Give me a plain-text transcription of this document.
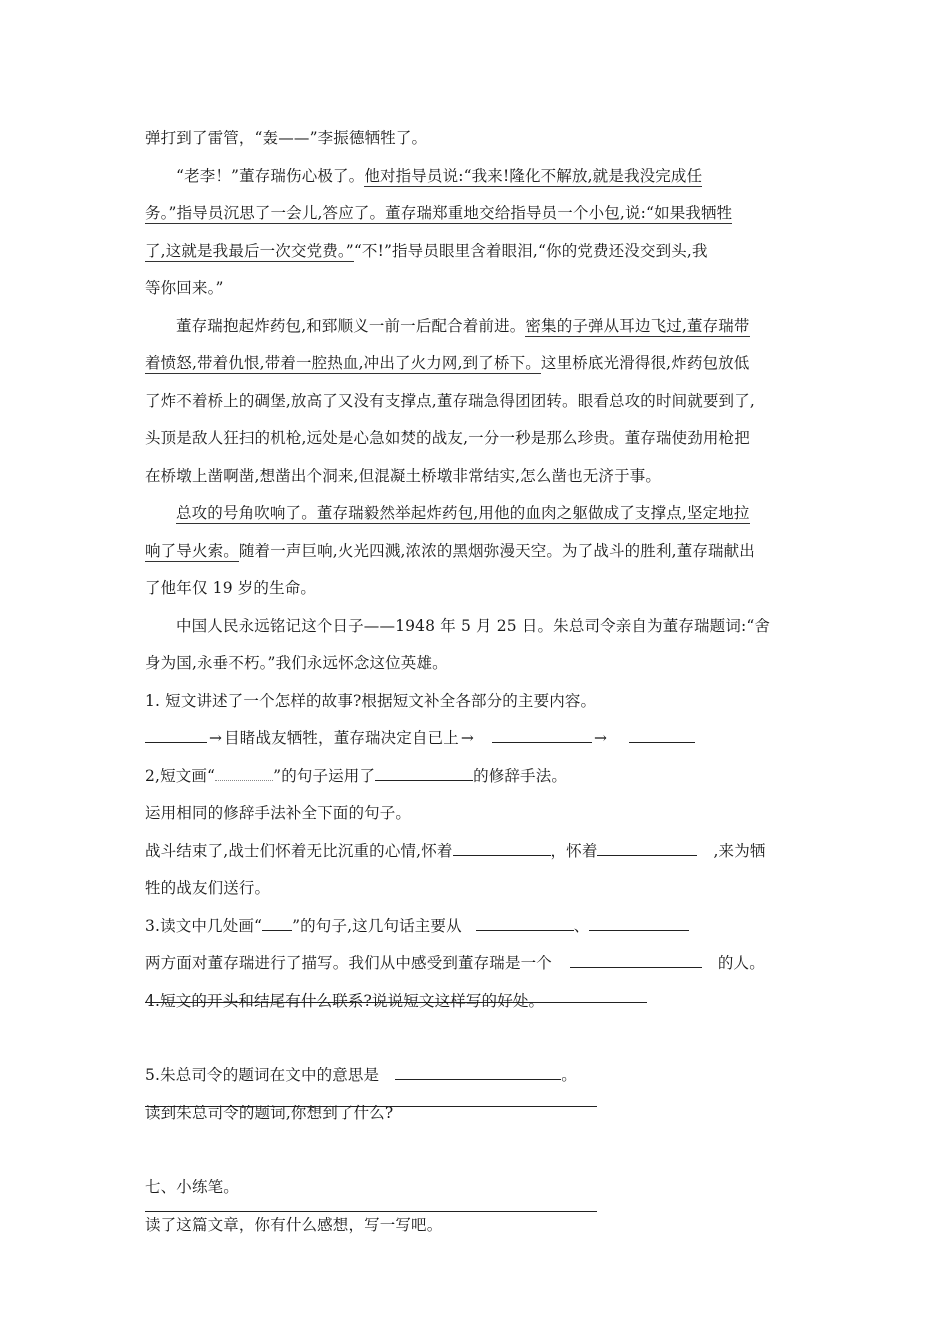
弹打到了雷管，“轰——”李振德牺牲了。
“老李！”董存瑞伤心极了。他对指导员说:“我来!隆化不解放,就是我没完成任
务。”指导员沉思了一会儿,答应了。董存瑞郑重地交给指导员一个小包,说:“如果我牺牲
了,这就是我最后一次交党费。”“不!”指导员眼里含着眼泪,“你的党费还没交到头,我
等你回来。”
董存瑞抱起炸药包,和郅顺义一前一后配合着前进。密集的子弹从耳边飞过,董存瑞带
着愤怒,带着仇恨,带着一腔热血,冲出了火力网,到了桥下。这里桥底光滑得很,炸药包放低
了炸不着桥上的碉堡,放高了又没有支撑点,董存瑞急得团团转。眼看总攻的时间就要到了,
头顶是敌人狂扫的机枪,远处是心急如焚的战友,一分一秒是那么珍贵。董存瑞使劲用枪把
在桥墩上凿啊凿,想凿出个洞来,但混凝土桥墩非常结实,怎么凿也无济于事。
总攻的号角吹响了。董存瑞毅然举起炸药包,用他的血肉之躯做成了支撑点,坚定地拉
响了导火索。随着一声巨响,火光四溅,浓浓的黑烟弥漫天空。为了战斗的胜利,董存瑞献出
了他年仅 19 岁的生命。
中国人民永远铭记这个日子——1948 年 5 月 25 日。朱总司令亲自为董存瑞题词:“舍
身为国,永垂不朽。”我们永远怀念这位英雄。
1. 短文讲述了一个怎样的故事?根据短文补全各部分的主要内容。
→ 目睹战友牺牲，董存瑞决定自已上 →	→
2,短文画“	”的句子运用了	的修辞手法。
运用相同的修辞手法补全下面的句子。
战斗结束了,战士们怀着无比沉重的心情,怀着	，怀着	,来为牺
牲的战友们送行。
3.读文中几处画“ ”的句子,这几句话主要从	、
两方面对董存瑞进行了描写。我们从中感受到董存瑞是一个	的人。
4.短文的开头和结尾有什么联系?说说短文这样写的好处。
5.朱总司令的题词在文中的意思是	。
读到朱总司令的题词,你想到了什么?
七、小练笔。
读了这篇文章，你有什么感想，写一写吧。
